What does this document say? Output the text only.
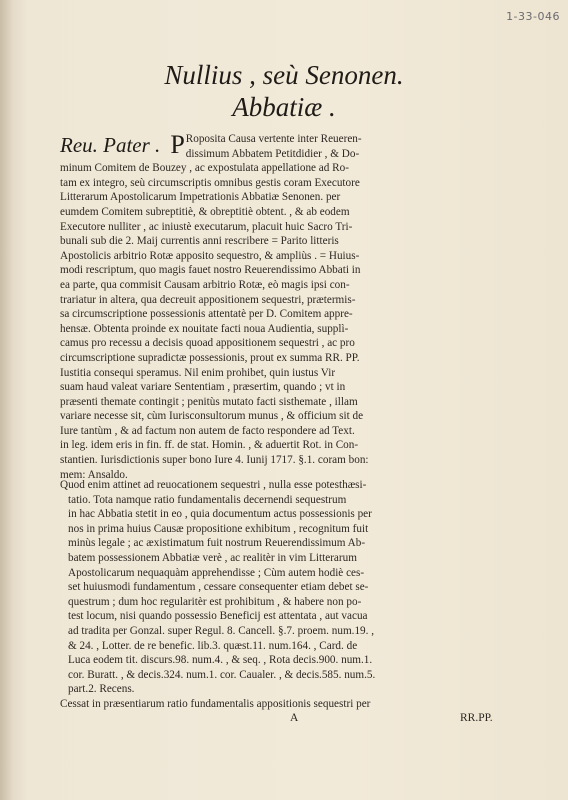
1-33-046
Nullius , seù Senonen.
Abbatiæ .
Reu. Pater . P Roposita Causa vertente inter Reueren-
dissimum Abbatem Petitdidier , & Do-
minum Comitem de Bouzey , ac expostulata appellatione ad Ro-
tam ex integro, seù circumscriptis omnibus gestis coram Executore
Litterarum Apostolicarum Impetrationis Abbatiæ Senonen. per
eumdem Comitem subreptitiè, & obreptitiè obtent. , & ab eodem
Executore nulliter , ac iniustè executarum, placuit huic Sacro Tri-
bunali sub die 2. Maij currentis anni rescribere = Parito litteris
Apostolicis arbitrio Rotæ apposito sequestro, & ampliùs . = Huius-
modi rescriptum, quo magis fauet nostro Reuerendissimo Abbati in
ea parte, qua commisit Causam arbitrio Rotæ, eò magis ipsi con-
trariatur in altera, qua decreuit appositionem sequestri, prætermis-
sa circumscriptione possessionis attentatè per D. Comitem appre-
hensæ. Obtenta proinde ex nouitate facti noua Audientia, supplì-
camus pro recessu a decisis quoad appositionem sequestri , ac pro
circumscriptione supradictæ possessionis, prout ex summa RR. PP.
Iustitia consequi speramus. Nil enim prohibet, quin iustus Vir
suam haud valeat variare Sententiam , præsertim, quando ; vt in
præsenti themate contingit ; penitùs mutato facti sisthemate , illam
variare necesse sit, cùm Iurisconsultorum munus , & officium sit de
Iure tantùm , & ad factum non autem de facto respondere ad Text.
in leg. idem eris in fin. ff. de stat. Homin. , & aduertit Rot. in Con-
stantien. Iurisdictionis super bono Iure 4. Iunij 1717. §.1. coram bon:
mem: Ansaldo.
Quod enim attinet ad reuocationem sequestri , nulla esse potesthæsi-
tatio. Tota namque ratio fundamentalis decernendi sequestrum
in hac Abbatia stetit in eo , quia documentum actus possessionis per
nos in prima huius Causæ propositione exhibitum , recognitum fuit
minùs legale ; ac æxistimatum fuit nostrum Reuerendissimum Ab-
batem possessionem Abbatiæ verè , ac realitèr in vim Litterarum
Apostolicarum nequaquàm apprehendisse ; Cùm autem hodiè ces-
set huiusmodi fundamentum , cessare consequenter etiam debet se-
questrum ; dum hoc regularitèr est prohibitum , & habere non po-
test locum, nisi quando possessio Beneficij est attentata , aut vacua
ad tradita per Gonzal. super Regul. 8. Cancell. §.7. proem. num.19. ,
& 24. , Lotter. de re benefic. lib.3. quæst.11. num.164. , Card. de
Luca eodem tit. discurs.98. num.4. , & seq. , Rota decis.900. num.1.
cor. Buratt. , & decis.324. num.1. cor. Caualer. , & decis.585. num.5.
part.2. Recens.
Cessat in præsentiarum ratio fundamentalis appositionis sequestri per
A	RR.PP.
